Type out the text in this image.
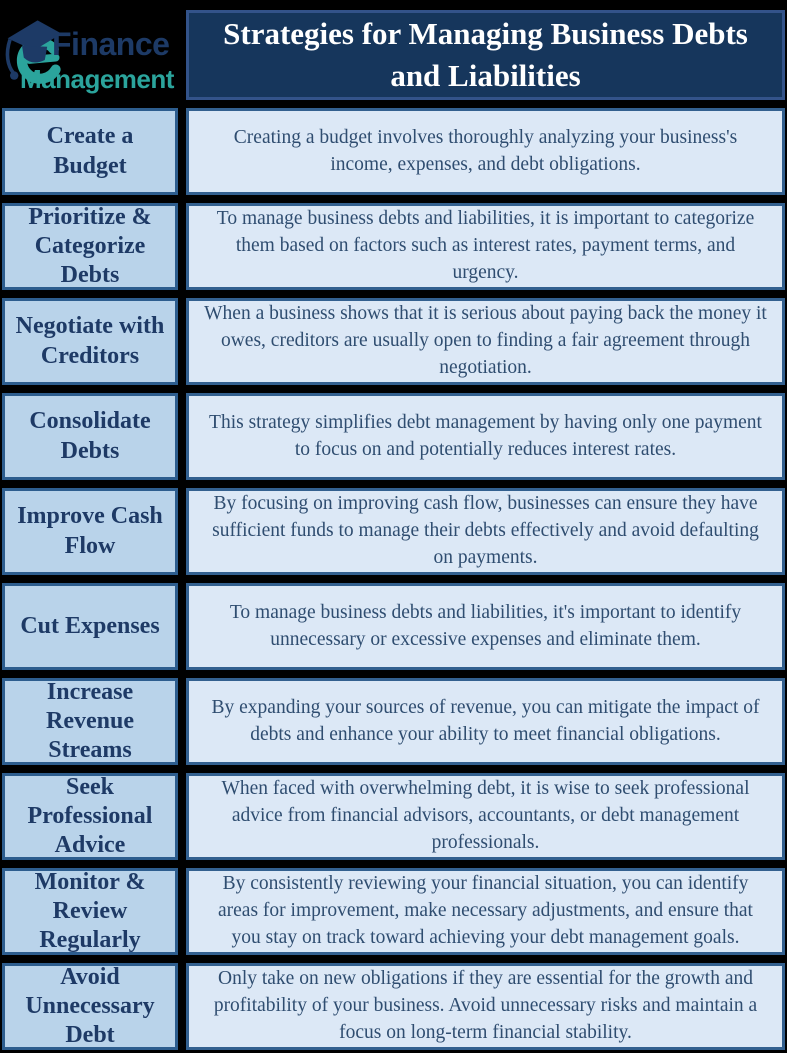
Finance
Management
Strategies for Managing Business Debts and Liabilities
Create a Budget
Creating a budget involves thoroughly analyzing your business's income, expenses, and debt obligations.
Prioritize & Categorize Debts
To manage business debts and liabilities, it is important to categorize them based on factors such as interest rates, payment terms, and urgency.
Negotiate with Creditors
When a business shows that it is serious about paying back the money it owes, creditors are usually open to finding a fair agreement through negotiation.
Consolidate Debts
This strategy simplifies debt management by having only one payment to focus on and potentially reduces interest rates.
Improve Cash Flow
By focusing on improving cash flow, businesses can ensure they have sufficient funds to manage their debts effectively and avoid defaulting on payments.
Cut Expenses
To manage business debts and liabilities, it's important to identify unnecessary or excessive expenses and eliminate them.
Increase Revenue Streams
By expanding your sources of revenue, you can mitigate the impact of debts and enhance your ability to meet financial obligations.
Seek Professional Advice
When faced with overwhelming debt, it is wise to seek professional advice from financial advisors, accountants, or debt management professionals.
Monitor & Review Regularly
By consistently reviewing your financial situation, you can identify areas for improvement, make necessary adjustments, and ensure that you stay on track toward achieving your debt management goals.
Avoid Unnecessary Debt
Only take on new obligations if they are essential for the growth and profitability of your business. Avoid unnecessary risks and maintain a focus on long-term financial stability.
